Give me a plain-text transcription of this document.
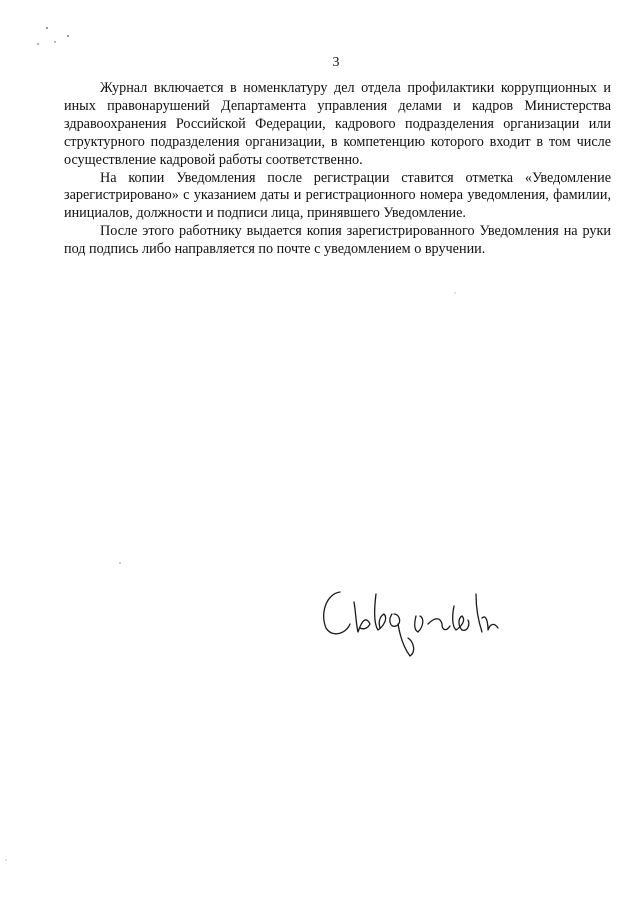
3

Журнал включается в номенклатуру дел отдела профилактики коррупционных и иных правонарушений Департамента управления делами и кадров Министерства здравоохранения Российской Федерации, кадрового подразделения организации или структурного подразделения организации, в компетенцию которого входит в том числе осуществление кадровой работы соответственно.

На копии Уведомления после регистрации ставится отметка «Уведомление зарегистрировано» с указанием даты и регистрационного номера уведомления, фамилии, инициалов, должности и подписи лица, принявшего Уведомление.

После этого работнику выдается копия зарегистрированного Уведомления на руки под подпись либо направляется по почте с уведомлением о вручении.
